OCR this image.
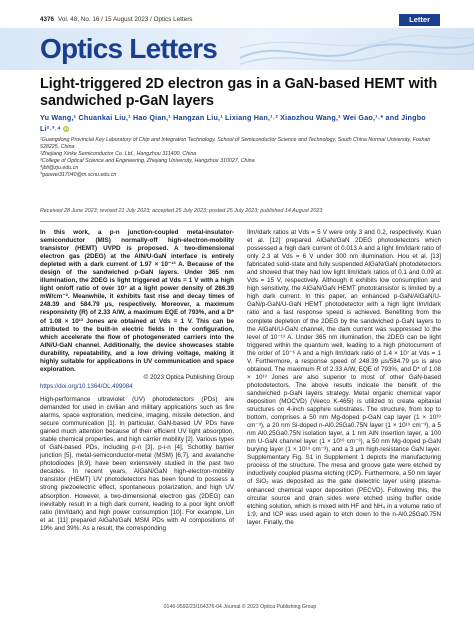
4376 Vol. 48, No. 16 / 15 August 2023 / Optics Letters	Letter
Optics Letters
Light-triggered 2D electron gas in a GaN-based HEMT with sandwiched p-GaN layers
Yu Wang,¹ Chuankai Liu,¹ Hao Qian,¹ Hangzan Liu,¹ Lixiang Han,¹˒² Xiaozhou Wang,² Wei Gao,¹˒* and Jingbo Li²˒³˒⁴ iD
¹Guangdong Provincial Key Laboratory of Chip and Integration Technology, School of Semiconductor Science and Technology, South China Normal University, Foshan 528225, China
²Zhejiang Xinke Semiconductor Co. Ltd., Hangzhou 311400, China
³College of Optical Science and Engineering, Zhejiang University, Hangzhou 310027, China
⁴jbli@zju.edu.cn
*gaowei317040@m.scnu.edu.cn
Received 28 June 2023; revised 21 July 2023; accepted 25 July 2023; posted 25 July 2023; published 14 August 2023

In this work, a p-n junction-coupled metal-insulator-semiconductor (MIS) normally-off high-electron-mobility transistor (HEMT) UVPD is proposed. A two-dimensional electron gas (2DEG) at the AlN/U-GaN interface is entirely depleted with a dark current of 1.97 × 10⁻¹³ A. Because of the design of the sandwiched p-GaN layers. Under 365 nm illumination, the 2DEG is light triggered at Vds = 1 V with a high light on/off ratio of over 10⁷ at a light power density of 286.39 mW/cm⁻². Meanwhile, it exhibits fast rise and decay times of 248.39 and 584.79 μs, respectively. Moreover, a maximum responsivity (R) of 2.33 A/W, a maximum EQE of 793%, and a D* of 1.08 × 10¹³ Jones are obtained at Vds = 1 V. This can be attributed to the built-in electric fields in the configuration, which accelerate the flow of photogenerated carriers into the AlN/U-GaN channel. Additionally, the device showcases stable durability, repeatability, and a low driving voltage, making it highly suitable for applications in UV communication and space exploration.

© 2023 Optica Publishing Group

https://doi.org/10.1364/OL.499084

High-performance ultraviolet (UV) photodetectors (PDs) are demanded for used in civilian and military applications such as fire alarms, space exploration, medicine, imaging, missile detection, and secure communication [1]. In particular, GaN-based UV PDs have gained much attention because of their efficient UV light absorption, stable chemical properties, and high carrier mobility [2]. Various types of GaN-based PDs, including p-n [3], p-i-n [4], Schottky barrier junction [5], metal-semiconductor-metal (MSM) [6,7], and avalanche photodiodes [8,9], have been extensively studied in the past two decades. In recent years, AlGaN/GaN high-electron-mobility transistor (HEMT) UV photodetectors has been found to possess a strong piezoelectric effect, spontaneous polarization, and high UV absorption. However, a two-dimensional electron gas (2DEG) can inevitably result in a high dark current, leading to a poor light on/off ratio (Ilm/Idark) and high power consumption [10]. For example, Lin et al. [11] prepared AlGaN/GaN MSM PDs with Al compositions of 19% and 39%. As a result, the corresponding

Ilm/Idark ratios at Vds = 5 V were only 3 and 0.2, respectively. Kuan et al. [12] prepared AlGaN/GaN 2DEG photodetectors which possessed a high dark current of 0.013 A and a light Ilm/Idark ratio of only 2.3 at Vds = 6 V under 300 nm illumination. Hou et al. [13] fabricated solid-state and fully suspended AlGaN/GaN photodetectors and showed that they had low light Ilm/Idark ratios of 0.1 and 0.09 at Vds = 15 V, respectively. Although it exhibits low consumption and high sensitivity, the AlGaN/GaN HEMT phototransistor is limited by a high dark current. In this paper, an enhanced p-GaN/AlGaN/U-GaN/p-GaN/U-GaN HEMT photodetector with a high light Ilm/Idark ratio and a fast response speed is achieved. Benefiting from the complete depletion of the 2DEG by the sandwiched p-GaN layers to the AlGaN/U-GaN channel, the dark current was suppressed to the level of 10⁻¹³ A. Under 365 nm illumination, the 2DEG can be light triggered within the quantum well, leading to a high photocurrent of the order of 10⁻⁶ A and a high Ilm/Idark ratio of 1.4 × 10⁷ at Vds = 1 V. Furthermore, a response speed of 248.39 μs/584.79 μs is also obtained. The maximum R of 2.33 A/W, EQE of 793%, and D* of 1.08 × 10¹³ Jones are also superior to most of other GaN-based photodetectors. The above results indicate the benefit of the sandwiched p-GaN layers strategy. Metal organic chemical vapor deposition (MOCVD) (Veeco K-465i) is utilized to create epitaxial structures on 4-inch sapphire substrates. The structure, from top to bottom, comprises a 50 nm Mg-doped p-GaN cap layer (1 × 10¹⁹ cm⁻³), a 20 nm Si-doped n-Al0.25Ga0.75N layer (1 × 10¹⁹ cm⁻³), a 5 nm Al0.25Ga0.75N isolation layer, a 1 nm AlN insertion layer, a 100 nm U-GaN channel layer (1 × 10¹⁶ cm⁻³), a 50 nm Mg-doped p-GaN burying layer (1 × 10¹⁹ cm⁻³), and a 3 μm high-resistance GaN layer. Supplementary Fig. S1 in Supplement 1 depicts the manufacturing process of the structure. The mesa and groove gate were etched by inductively coupled plasma etching (ICP). Furthermore, a 50 nm layer of SiO₂ was deposited as the gate dielectric layer using plasma-enhanced chemical vapor deposition (PECVD). Following this, the circular source and drain sides were etched using buffer oxide etching solution, which is mixed with HF and NH₄ in a volume ratio of 1:9, and ICP was used again to etch down to the n-Al0.25Ga0.75N layer. Finally, the

0146-9592/23/164376-04 Journal © 2023 Optica Publishing Group
